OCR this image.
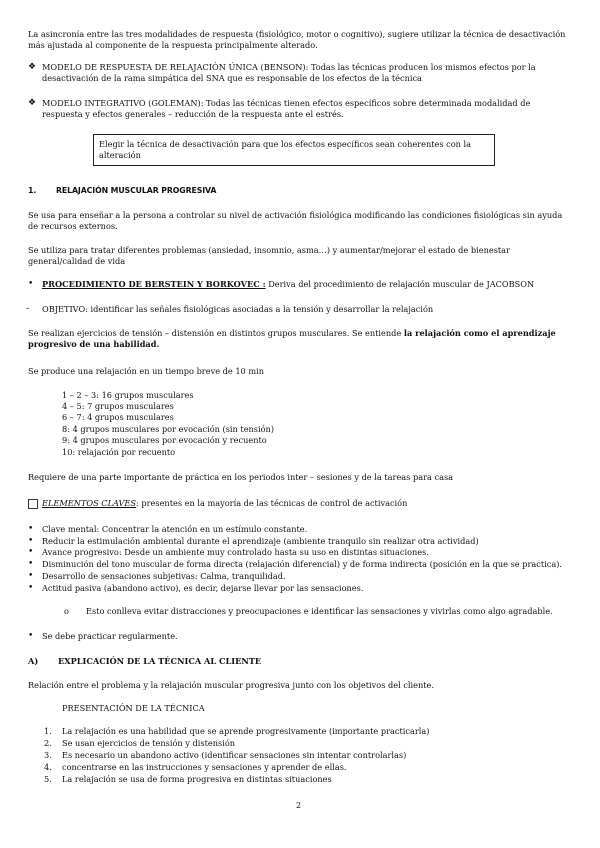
La asincronía entre las tres modalidades de respuesta (fisiológico, motor o cognitivo), sugiere utilizar la técnica de desactivación más ajustada al componente de la respuesta principalmente alterado.
❖ MODELO DE RESPUESTA DE RELAJACIÓN ÚNICA (BENSON): Todas las técnicas producen los mismos efectos por la desactivación de la rama simpática del SNA que es responsable de los efectos de la técnica
❖ MODELO INTEGRATIVO (GOLEMAN): Todas las técnicas tienen efectos específicos sobre determinada modalidad de respuesta y efectos generales – reducción de la respuesta ante el estrés.
Elegir la técnica de desactivación para que los efectos específicos sean coherentes con la alteración
1.	RELAJACIÓN MUSCULAR PROGRESIVA
Se usa para enseñar a la persona a controlar su nivel de activación fisiológica modificando las condiciones fisiológicas sin ayuda de recursos externos.
Se utiliza para tratar diferentes problemas (ansiedad, insomnio, asma…) y aumentar/mejorar el estado de bienestar general/calidad de vida
• PROCEDIMIENTO DE BERSTEIN Y BORKOVEC : Deriva del procedimiento de relajación muscular de JACOBSON
- OBJETIVO: identificar las señales fisiológicas asociadas a la tensión y desarrollar la relajación
Se realizan ejercicios de tensión – distensión en distintos grupos musculares. Se entiende la relajación como el aprendizaje progresivo de una habilidad.
Se produce una relajación en un tiempo breve de 10 min
1 – 2 – 3: 16 grupos musculares
4 – 5: 7 grupos musculares
6 – 7: 4 grupos musculares
8: 4 grupos musculares por evocación (sin tensión)
9: 4 grupos musculares por evocación y recuento
10: relajación por recuento
Requiere de una parte importante de práctica en los periodos inter – sesiones y de la tareas para casa
ELEMENTOS CLAVES: presentes en la mayoría de las técnicas de control de activación
• Clave mental: Concentrar la atención en un estímulo constante.
• Reducir la estimulación ambiental durante el aprendizaje (ambiente tranquilo sin realizar otra actividad)
• Avance progresivo: Desde un ambiente muy controlado hasta su uso en distintas situaciones.
• Disminución del tono muscular de forma directa (relajación diferencial) y de forma indirecta (posición en la que se practica).
• Desarrollo de sensaciones subjetivas: Calma, tranquilidad.
• Actitud pasiva (abandono activo), es decir, dejarse llevar por las sensaciones.
o Esto conlleva evitar distracciones y preocupaciones e identificar las sensaciones y vivirlas como algo agradable.
• Se debe practicar regularmente.
A) EXPLICACIÓN DE LA TÉCNICA AL CLIENTE
Relación entre el problema y la relajación muscular progresiva junto con los objetivos del cliente.
PRESENTACIÓN DE LA TÉCNICA
1. La relajación es una habilidad que se aprende progresivamente (importante practicarla)
2. Se usan ejercicios de tensión y distensión
3. Es necesario un abandono activo (identificar sensaciones sin intentar controlarlas)
4. concentrarse en las instrucciones y sensaciones y aprender de ellas.
5. La relajación se usa de forma progresiva en distintas situaciones
2
